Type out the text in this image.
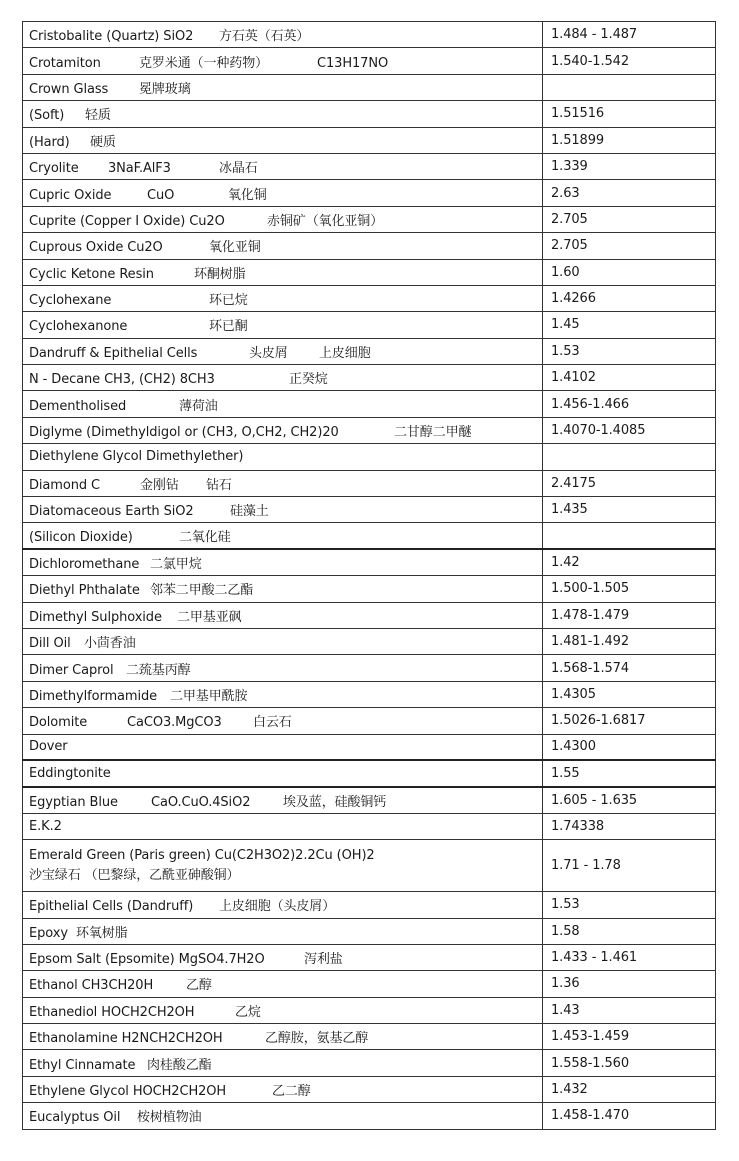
Cristobalite (Quartz) SiO2 方石英（石英）	1.484 - 1.487
Crotamiton 克罗米通（一种药物） C13H17NO	1.540-1.542
Crown Glass 冕牌玻璃	
(Soft) 轻质	1.51516
(Hard) 硬质	1.51899
Cryolite 3NaF.AlF3 冰晶石	1.339
Cupric Oxide CuO 氧化铜	2.63
Cuprite (Copper I Oxide) Cu2O 赤铜矿（氧化亚铜）	2.705
Cuprous Oxide Cu2O 氧化亚铜	2.705
Cyclic Ketone Resin 环酮树脂	1.60
Cyclohexane 环已烷	1.4266
Cyclohexanone 环已酮	1.45
Dandruff & Epithelial Cells 头皮屑 上皮细胞	1.53
N - Decane CH3, (CH2) 8CH3 正癸烷	1.4102
Dementholised 薄荷油	1.456-1.466
Diglyme (Dimethyldigol or (CH3, O,CH2, CH2)20 二甘醇二甲醚	1.4070-1.4085
Diethylene Glycol Dimethylether)	
Diamond C 金刚钻 钻石	2.4175
Diatomaceous Earth SiO2 硅藻土	1.435
(Silicon Dioxide) 二氧化硅	
Dichloromethane 二氯甲烷	1.42
Diethyl Phthalate 邻苯二甲酸二乙酯	1.500-1.505
Dimethyl Sulphoxide 二甲基亚砜	1.478-1.479
Dill Oil 小茴香油	1.481-1.492
Dimer Caprol 二巯基丙醇	1.568-1.574
Dimethylformamide 二甲基甲酰胺	1.4305
Dolomite CaCO3.MgCO3 白云石	1.5026-1.6817
Dover	1.4300
Eddingtonite	1.55
Egyptian Blue CaO.CuO.4SiO2 埃及蓝，硅酸铜钙	1.605 - 1.635
E.K.2	1.74338

Emerald Green (Paris green) Cu(C2H3O2)2.2Cu (OH)2
沙宝绿石 （巴黎绿，乙酰亚砷酸铜）	1.71 - 1.78
Epithelial Cells (Dandruff) 上皮细胞（头皮屑）	1.53
Epoxy 环氧树脂	1.58
Epsom Salt (Epsomite) MgSO4.7H2O 泻利盐	1.433 - 1.461
Ethanol CH3CH20H 乙醇	1.36
Ethanediol HOCH2CH2OH 乙烷	1.43
Ethanolamine H2NCH2CH2OH 乙醇胺，氨基乙醇	1.453-1.459
Ethyl Cinnamate 肉桂酸乙酯	1.558-1.560
Ethylene Glycol HOCH2CH2OH 乙二醇	1.432
Eucalyptus Oil 桉树植物油	1.458-1.470
